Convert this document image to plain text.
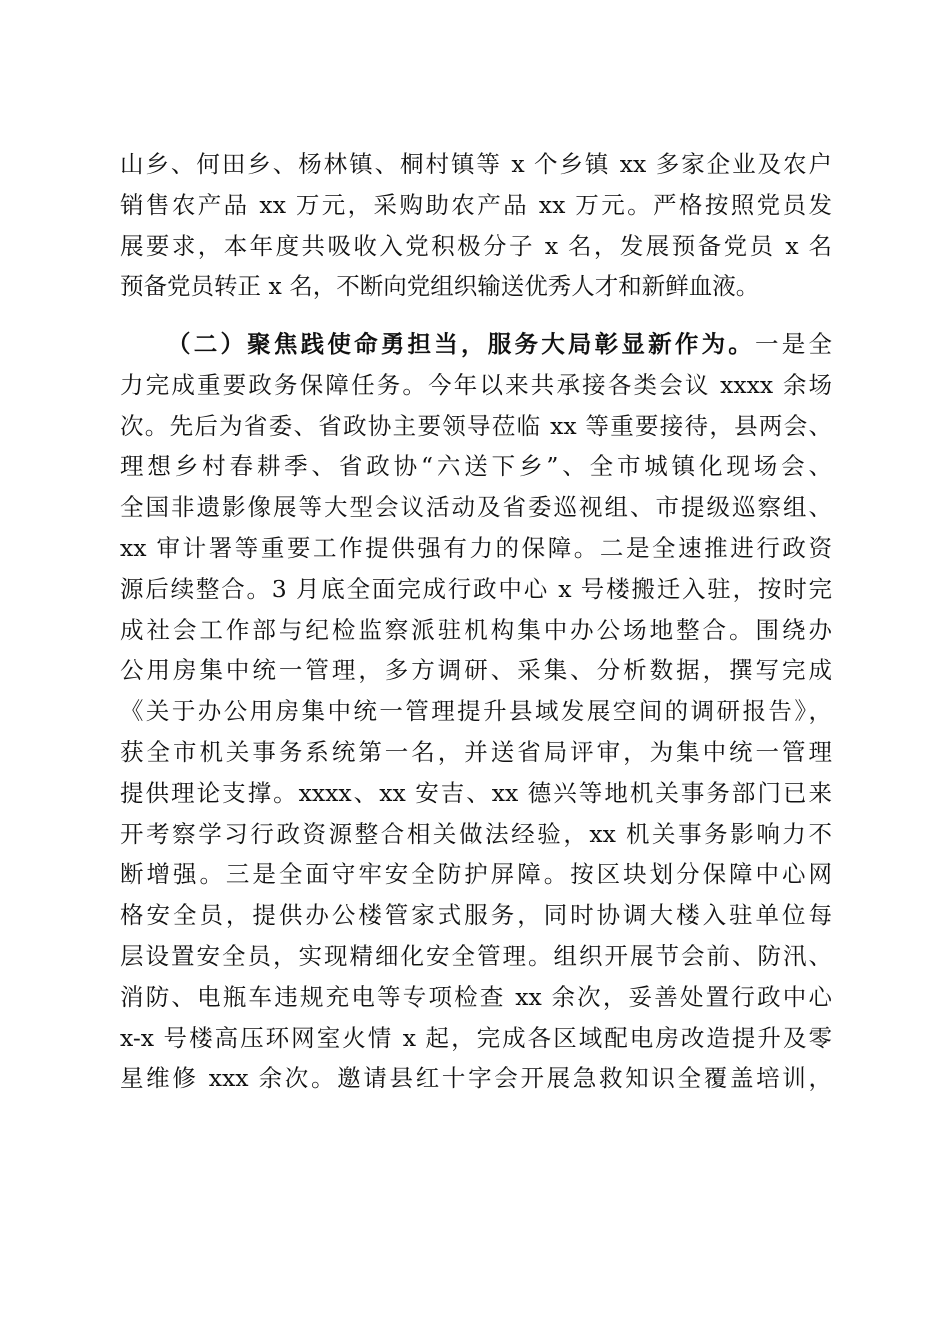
山乡、何田乡、杨林镇、桐村镇等 x 个乡镇 xx 多家企业及农户
销售农产品 xx 万元，采购助农产品 xx 万元。严格按照党员发
展要求，本年度共吸收入党积极分子 x 名，发展预备党员 x 名
预备党员转正 x 名，不断向党组织输送优秀人才和新鲜血液。
（二）聚焦践使命勇担当，服务大局彰显新作为。一是全
力完成重要政务保障任务。今年以来共承接各类会议 xxxx 余场
次。先后为省委、省政协主要领导莅临 xx 等重要接待，县两会、
理想乡村春耕季、省政协“六送下乡”、全市城镇化现场会、
全国非遗影像展等大型会议活动及省委巡视组、市提级巡察组、
xx 审计署等重要工作提供强有力的保障。二是全速推进行政资
源后续整合。3 月底全面完成行政中心 x 号楼搬迁入驻，按时完
成社会工作部与纪检监察派驻机构集中办公场地整合。围绕办
公用房集中统一管理，多方调研、采集、分析数据，撰写完成
《关于办公用房集中统一管理提升县域发展空间的调研报告》，
获全市机关事务系统第一名，并送省局评审，为集中统一管理
提供理论支撑。xxxx、xx 安吉、xx 德兴等地机关事务部门已来
开考察学习行政资源整合相关做法经验，xx 机关事务影响力不
断增强。三是全面守牢安全防护屏障。按区块划分保障中心网
格安全员，提供办公楼管家式服务，同时协调大楼入驻单位每
层设置安全员，实现精细化安全管理。组织开展节会前、防汛、
消防、电瓶车违规充电等专项检查 xx 余次，妥善处置行政中心
x-x 号楼高压环网室火情 x 起，完成各区域配电房改造提升及零
星维修 xxx 余次。邀请县红十字会开展急救知识全覆盖培训，
